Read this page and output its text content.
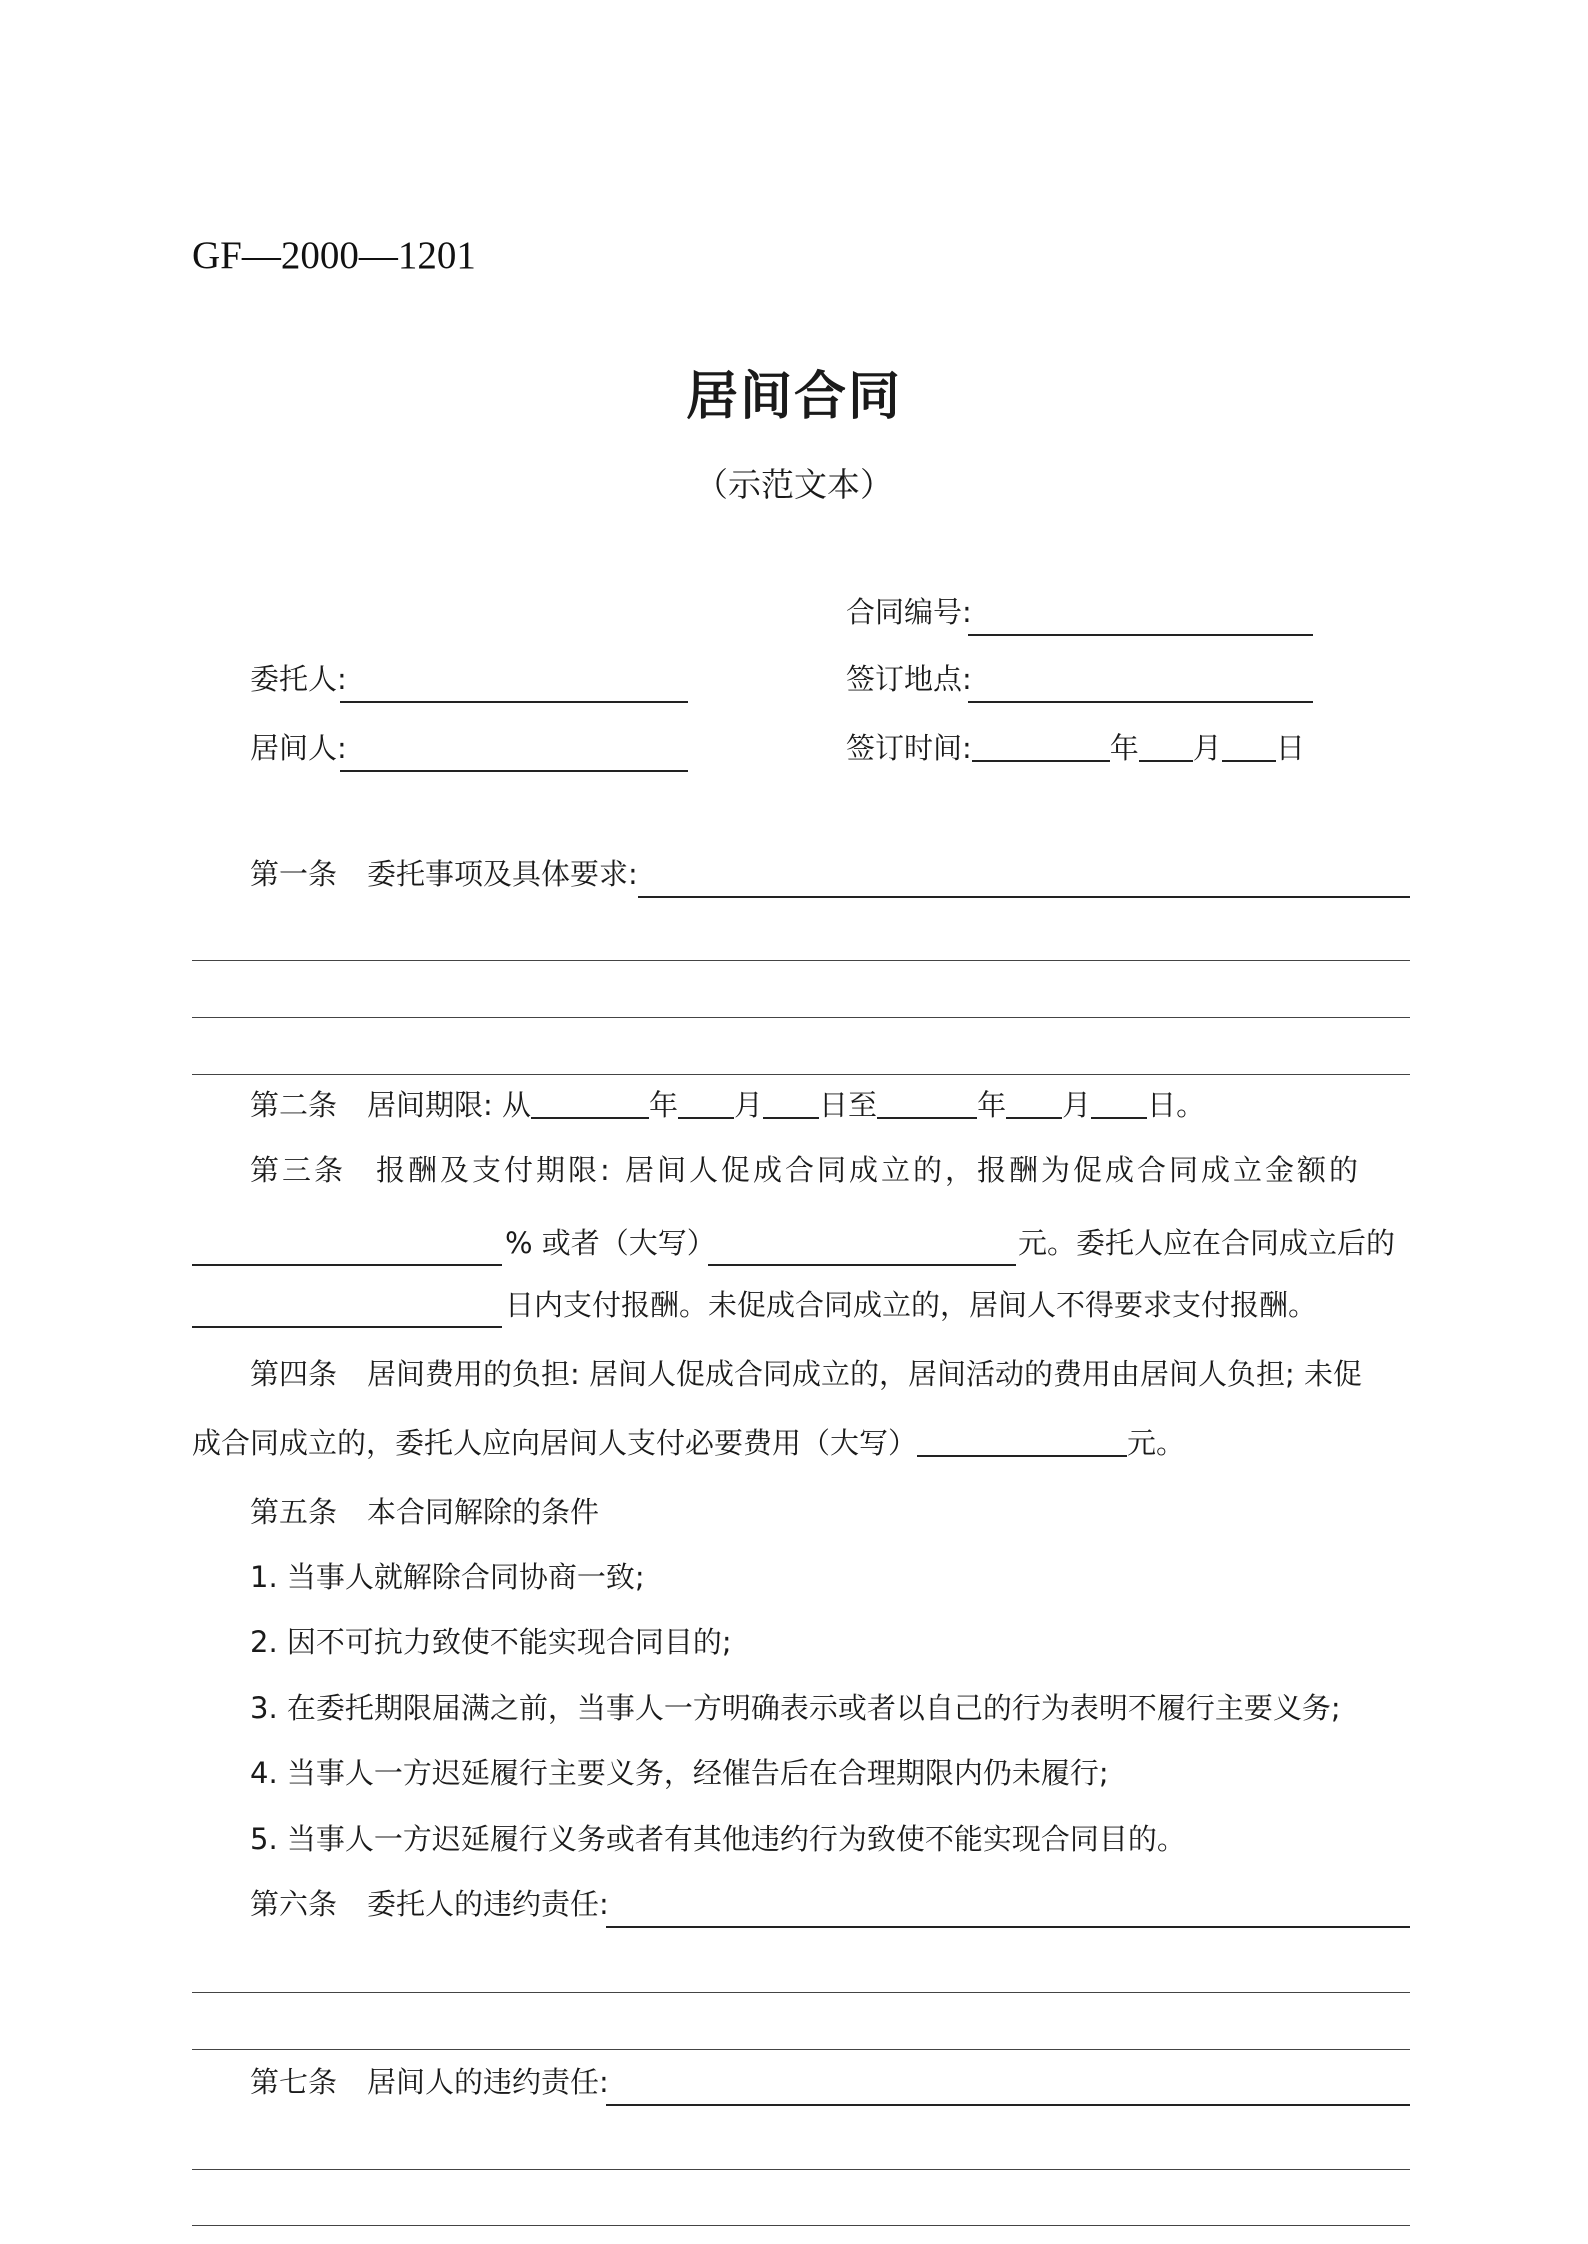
GF—2000—1201
居间合同
（示范文本）
合同编号:
委托人:	签订地点:
居间人:	签订时间:	年 月 日
第一条 委托事项及具体要求:
第二条 居间期限: 从	年 月 日至	年 月 日。
第三条 报酬及支付期限: 居间人促成合同成立的，报酬为促成合同成立金额的
% 或者（大写）	元。委托人应在合同成立后的
日内支付报酬。未促成合同成立的，居间人不得要求支付报酬。
第四条 居间费用的负担: 居间人促成合同成立的，居间活动的费用由居间人负担; 未促
成合同成立的，委托人应向居间人支付必要费用（大写）	元。
第五条 本合同解除的条件
1. 当事人就解除合同协商一致;
2. 因不可抗力致使不能实现合同目的;
3. 在委托期限届满之前，当事人一方明确表示或者以自己的行为表明不履行主要义务;
4. 当事人一方迟延履行主要义务，经催告后在合理期限内仍未履行;
5. 当事人一方迟延履行义务或者有其他违约行为致使不能实现合同目的。
第六条 委托人的违约责任:
第七条 居间人的违约责任:
